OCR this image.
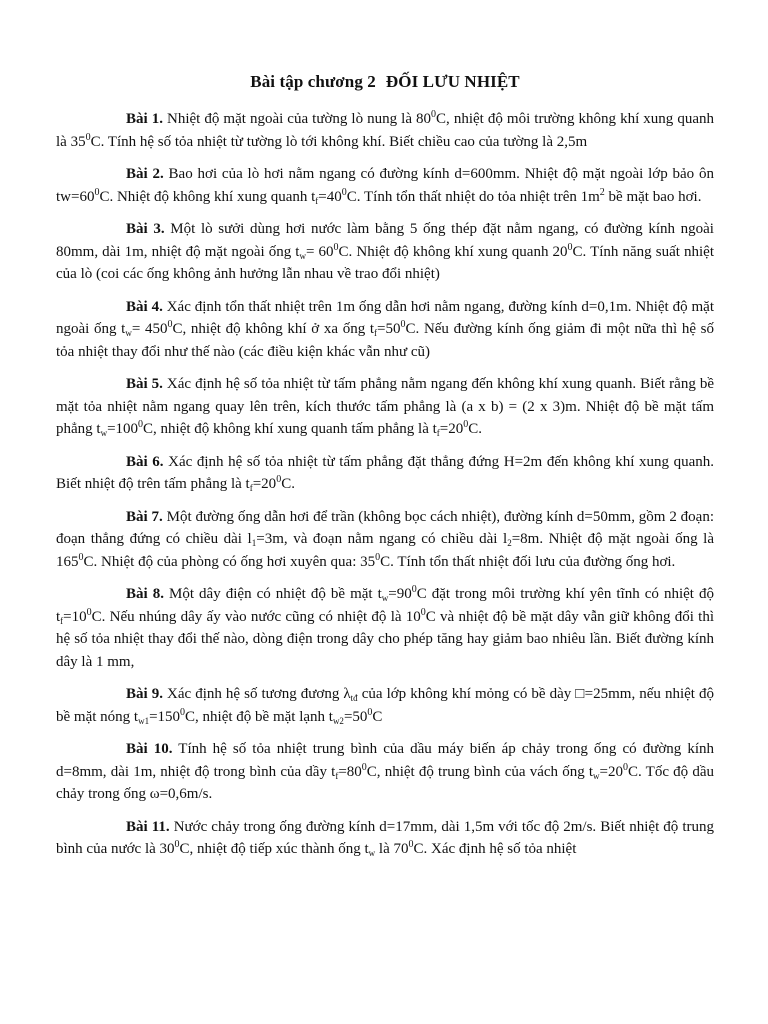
Bài tập chương 2 ĐỐI LƯU NHIỆT

Bài 1. Nhiệt độ mặt ngoài của tường lò nung là $80^0C$, nhiệt độ môi trường không khí xung quanh là $35^0C$. Tính hệ số tỏa nhiệt từ tường lò tới không khí. Biết chiều cao của tường là 2,5m

Bài 2. Bao hơi của lò hơi nằm ngang có đường kính d=600mm. Nhiệt độ mặt ngoài lớp bảo ôn $tw=60^0C$. Nhiệt độ không khí xung quanh $t_f=40^0C$. Tính tổn thất nhiệt do tỏa nhiệt trên $1m^2$ bề mặt bao hơi.

Bài 3. Một lò sưởi dùng hơi nước làm bằng 5 ống thép đặt nằm ngang, có đường kính ngoài 80mm, dài 1m, nhiệt độ mặt ngoài ống $t_w= 60^0C$. Nhiệt độ không khí xung quanh $20^0C$. Tính năng suất nhiệt của lò (coi các ống không ảnh hưởng lẫn nhau về trao đổi nhiệt)

Bài 4. Xác định tổn thất nhiệt trên 1m ống dẫn hơi nằm ngang, đường kính d=0,1m. Nhiệt độ mặt ngoài ống $t_w= 450^0C$, nhiệt độ không khí ở xa ống $t_f=50^0C$. Nếu đường kính ống giảm đi một nữa thì hệ số tỏa nhiệt thay đổi như thế nào (các điều kiện khác vẫn như cũ)

Bài 5. Xác định hệ số tỏa nhiệt từ tấm phẳng nằm ngang đến không khí xung quanh. Biết rằng bề mặt tỏa nhiệt nằm ngang quay lên trên, kích thước tấm phẳng là (a x b) = (2 x 3)m. Nhiệt độ bề mặt tấm phẳng $t_w=100^0C$, nhiệt độ không khí xung quanh tấm phẳng là $t_f=20^0C$.

Bài 6. Xác định hệ số tỏa nhiệt từ tấm phẳng đặt thẳng đứng H=2m đến không khí xung quanh. Biết nhiệt độ trên tấm phẳng là $t_f=20^0C$.

Bài 7. Một đường ống dẫn hơi để trần (không bọc cách nhiệt), đường kính d=50mm, gồm 2 đoạn: đoạn thẳng đứng có chiều dài $l_1=3m$, và đoạn nằm ngang có chiều dài $l_2=8m$. Nhiệt độ mặt ngoài ống là $165^0C$. Nhiệt độ của phòng có ống hơi xuyên qua: $35^0C$. Tính tổn thất nhiệt đối lưu của đường ống hơi.

Bài 8. Một dây điện có nhiệt độ bề mặt $t_w=90^0C$ đặt trong môi trường khí yên tĩnh có nhiệt độ $t_f=10^0C$. Nếu nhúng dây ấy vào nước cũng có nhiệt độ là $10^0C$ và nhiệt độ bề mặt dây vẫn giữ không đổi thì hệ số tỏa nhiệt thay đổi thế nào, dòng điện trong dây cho phép tăng hay giảm bao nhiêu lần. Biết đường kính dây là 1 mm,

Bài 9. Xác định hệ số tương đương $\lambda_{tđ}$ của lớp không khí mỏng có bề dày □=25mm, nếu nhiệt độ bề mặt nóng $t_{w1}=150^0C$, nhiệt độ bề mặt lạnh $t_{w2}=50^0C$

Bài 10. Tính hệ số tỏa nhiệt trung bình của dầu máy biến áp chảy trong ống có đường kính d=8mm, dài 1m, nhiệt độ trong bình của dầy $t_f=80^0C$, nhiệt độ trung bình của vách ống $t_w=20^0C$. Tốc độ dầu chảy trong ống ω=0,6m/s.

Bài 11. Nước chảy trong ống đường kính d=17mm, dài 1,5m với tốc độ 2m/s. Biết nhiệt độ trung bình của nước là $30^0C$, nhiệt độ tiếp xúc thành ống $t_w$ là $70^0C$. Xác định hệ số tỏa nhiệt
